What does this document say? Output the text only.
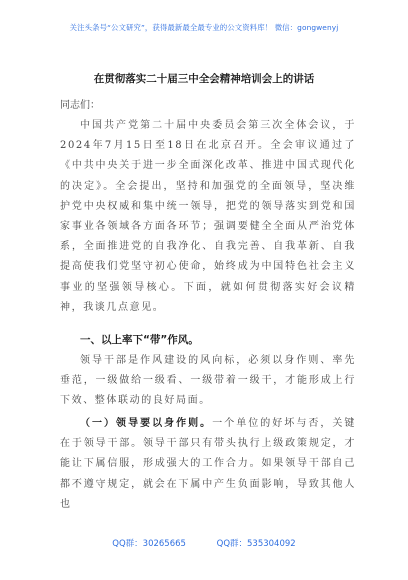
关注头条号“公文研究”，获得最新最全最专业的公文资料库！ 微信：gongwenyj
在贯彻落实二十届三中全会精神培训会上的讲话
同志们：
中国共产党第二十届中央委员会第三次全体会议，于2024年7月15日至18日在北京召开。全会审议通过了《中共中央关于进一步全面深化改革、推进中国式现代化的决定》。全会提出，坚持和加强党的全面领导，坚决维护党中央权威和集中统一领导，把党的领导落实到党和国家事业各领域各方面各环节；强调要健全全面从严治党体系，全面推进党的自我净化、自我完善、自我革新、自我提高使我们党坚守初心使命，始终成为中国特色社会主义事业的坚强领导核心。下面，就如何贯彻落实好会议精神，我谈几点意见。
一、以上率下“带”作风。
领导干部是作风建设的风向标，必须以身作则、率先垂范，一级做给一级看、一级带着一级干，才能形成上行下效、整体联动的良好局面。
（一）领导要以身作则。一个单位的好坏与否，关键在于领导干部。领导干部只有带头执行上级政策规定，才能让下属信服，形成强大的工作合力。如果领导干部自己都不遵守规定，就会在下属中产生负面影响，导致其他人也
QQ群：30265665	QQ群：535304092
